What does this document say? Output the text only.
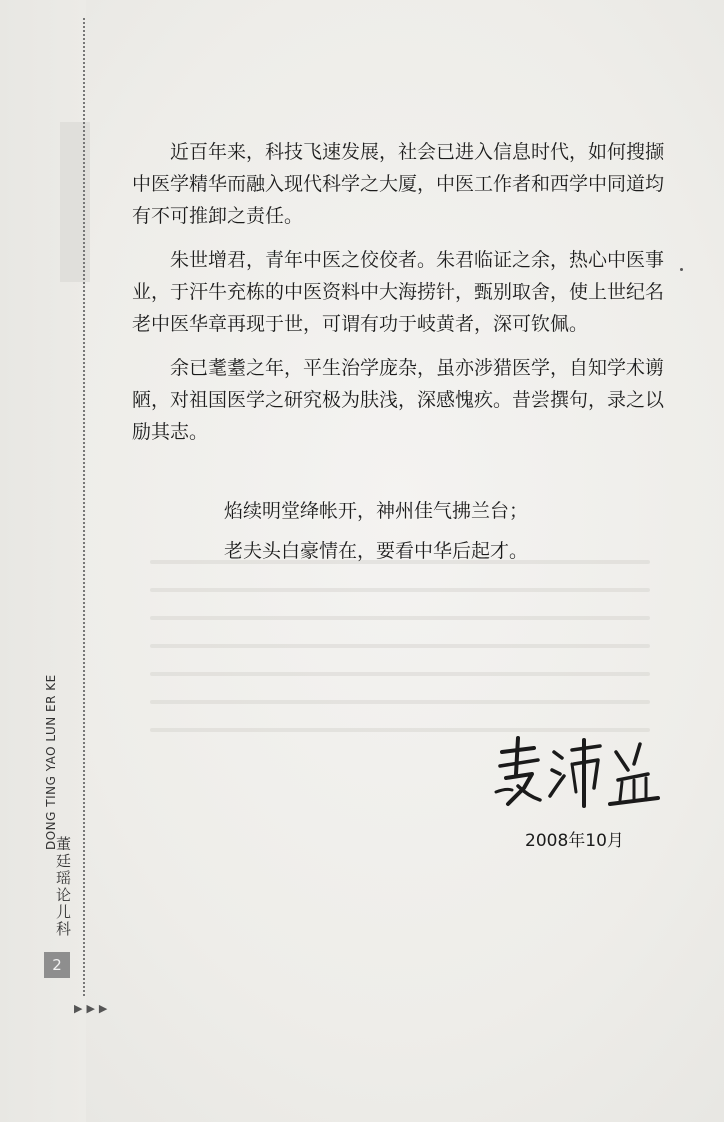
DONG TING YAO LUN ER KE
董廷瑶论儿科
2
▶▶▶

近百年来，科技飞速发展，社会已进入信息时代，如何搜撷中医学精华而融入现代科学之大厦，中医工作者和西学中同道均有不可推卸之责任。

朱世增君，青年中医之佼佼者。朱君临证之余，热心中医事业，于汗牛充栋的中医资料中大海捞针，甄别取舍，使上世纪名老中医华章再现于世，可谓有功于岐黄者，深可钦佩。

余已耄耋之年，平生治学庞杂，虽亦涉猎医学，自知学术谫陋，对祖国医学之研究极为肤浅，深感愧疚。昔尝撰句，录之以励其志。

焰续明堂绛帐开，神州佳气拂兰台；
老夫头白豪情在，要看中华后起才。
2008年10月
